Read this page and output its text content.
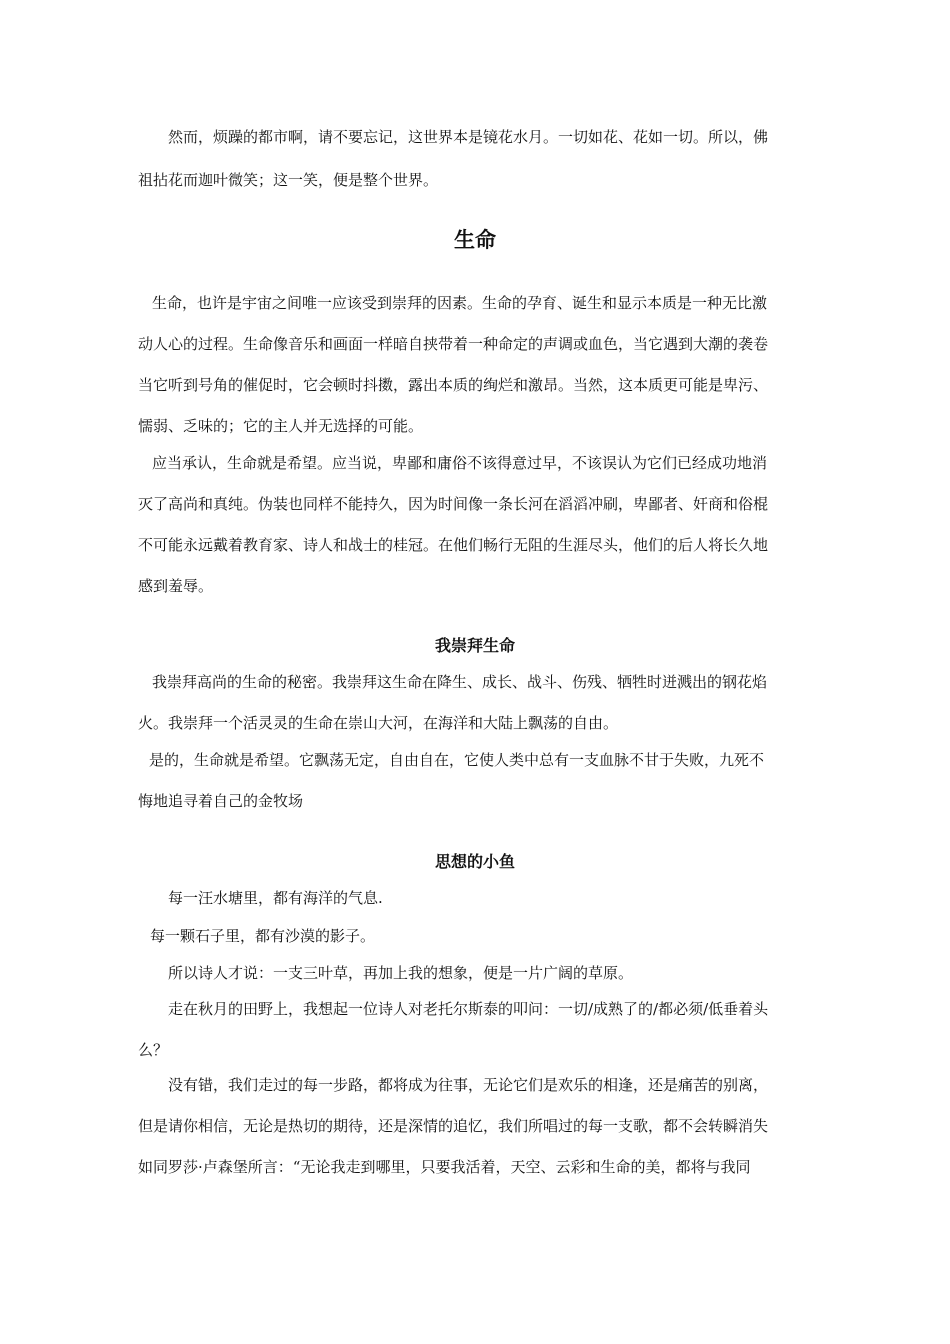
然而，烦躁的都市啊，请不要忘记，这世界本是镜花水月。一切如花、花如一切。所以，佛
祖拈花而迦叶微笑；这一笑，便是整个世界。
生命
生命，也许是宇宙之间唯一应该受到崇拜的因素。生命的孕育、诞生和显示本质是一种无比激
动人心的过程。生命像音乐和画面一样暗自挟带着一种命定的声调或血色，当它遇到大潮的袭卷
当它听到号角的催促时，它会顿时抖擞，露出本质的绚烂和激昂。当然，这本质更可能是卑污、
懦弱、乏味的；它的主人并无选择的可能。
应当承认，生命就是希望。应当说，卑鄙和庸俗不该得意过早，不该误认为它们已经成功地消
灭了高尚和真纯。伪装也同样不能持久，因为时间像一条长河在滔滔冲刷，卑鄙者、奸商和俗棍
不可能永远戴着教育家、诗人和战士的桂冠。在他们畅行无阻的生涯尽头，他们的后人将长久地
感到羞辱。
我崇拜生命
我崇拜高尚的生命的秘密。我崇拜这生命在降生、成长、战斗、伤残、牺牲时迸溅出的钢花焰
火。我崇拜一个活灵灵的生命在崇山大河，在海洋和大陆上飘荡的自由。
是的，生命就是希望。它飘荡无定，自由自在，它使人类中总有一支血脉不甘于失败，九死不
悔地追寻着自己的金牧场
思想的小鱼
每一汪水塘里，都有海洋的气息.
每一颗石子里，都有沙漠的影子。
所以诗人才说：一支三叶草，再加上我的想象，便是一片广阔的草原。
走在秋月的田野上，我想起一位诗人对老托尔斯泰的叩问：一切/成熟了的/都必须/低垂着头
么？
没有错，我们走过的每一步路，都将成为往事，无论它们是欢乐的相逢，还是痛苦的别离，
但是请你相信，无论是热切的期待，还是深情的追忆，我们所唱过的每一支歌，都不会转瞬消失
如同罗莎·卢森堡所言：“无论我走到哪里，只要我活着，天空、云彩和生命的美，都将与我同
